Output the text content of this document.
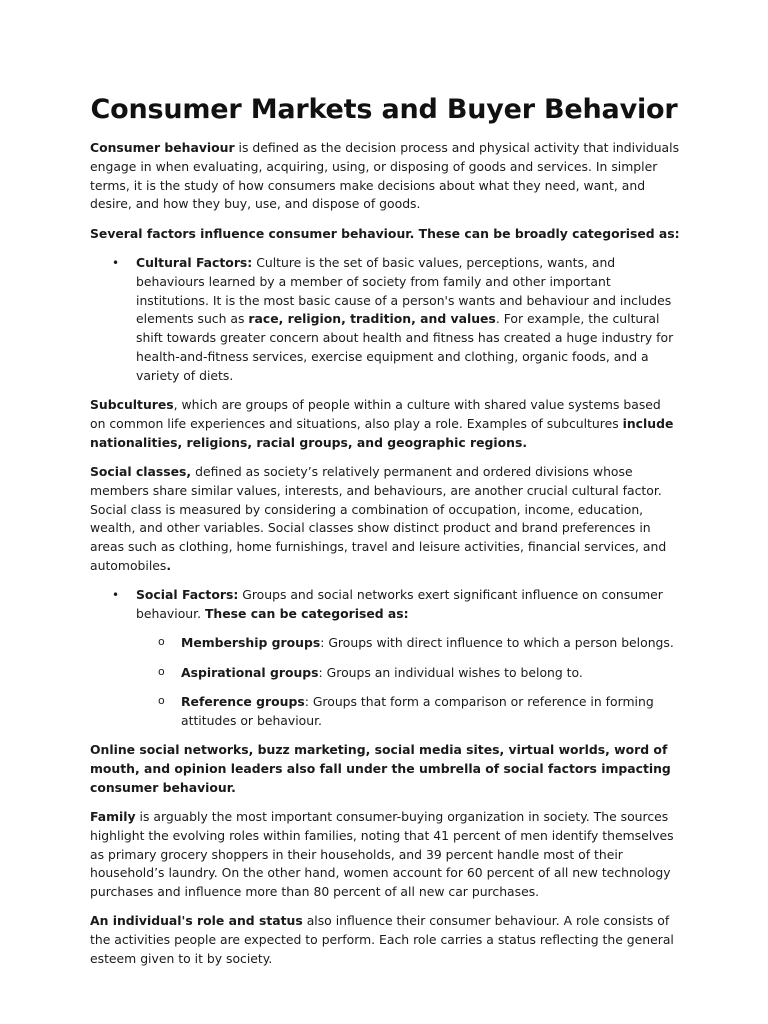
Consumer Markets and Buyer Behavior

Consumer behaviour is defined as the decision process and physical activity that individuals engage in when evaluating, acquiring, using, or disposing of goods and services. In simpler terms, it is the study of how consumers make decisions about what they need, want, and desire, and how they buy, use, and dispose of goods.

Several factors influence consumer behaviour. These can be broadly categorised as:

• Cultural Factors: Culture is the set of basic values, perceptions, wants, and behaviours learned by a member of society from family and other important institutions. It is the most basic cause of a person's wants and behaviour and includes elements such as race, religion, tradition, and values. For example, the cultural shift towards greater concern about health and fitness has created a huge industry for health-and-fitness services, exercise equipment and clothing, organic foods, and a variety of diets.

Subcultures, which are groups of people within a culture with shared value systems based on common life experiences and situations, also play a role. Examples of subcultures include nationalities, religions, racial groups, and geographic regions.

Social classes, defined as society’s relatively permanent and ordered divisions whose members share similar values, interests, and behaviours, are another crucial cultural factor. Social class is measured by considering a combination of occupation, income, education, wealth, and other variables. Social classes show distinct product and brand preferences in areas such as clothing, home furnishings, travel and leisure activities, financial services, and automobiles.

• Social Factors: Groups and social networks exert significant influence on consumer behaviour. These can be categorised as:
o Membership groups: Groups with direct influence to which a person belongs.
o Aspirational groups: Groups an individual wishes to belong to.
o Reference groups: Groups that form a comparison or reference in forming attitudes or behaviour.

Online social networks, buzz marketing, social media sites, virtual worlds, word of mouth, and opinion leaders also fall under the umbrella of social factors impacting consumer behaviour.

Family is arguably the most important consumer-buying organization in society. The sources highlight the evolving roles within families, noting that 41 percent of men identify themselves as primary grocery shoppers in their households, and 39 percent handle most of their household’s laundry. On the other hand, women account for 60 percent of all new technology purchases and influence more than 80 percent of all new car purchases.

An individual's role and status also influence their consumer behaviour. A role consists of the activities people are expected to perform. Each role carries a status reflecting the general esteem given to it by society.
